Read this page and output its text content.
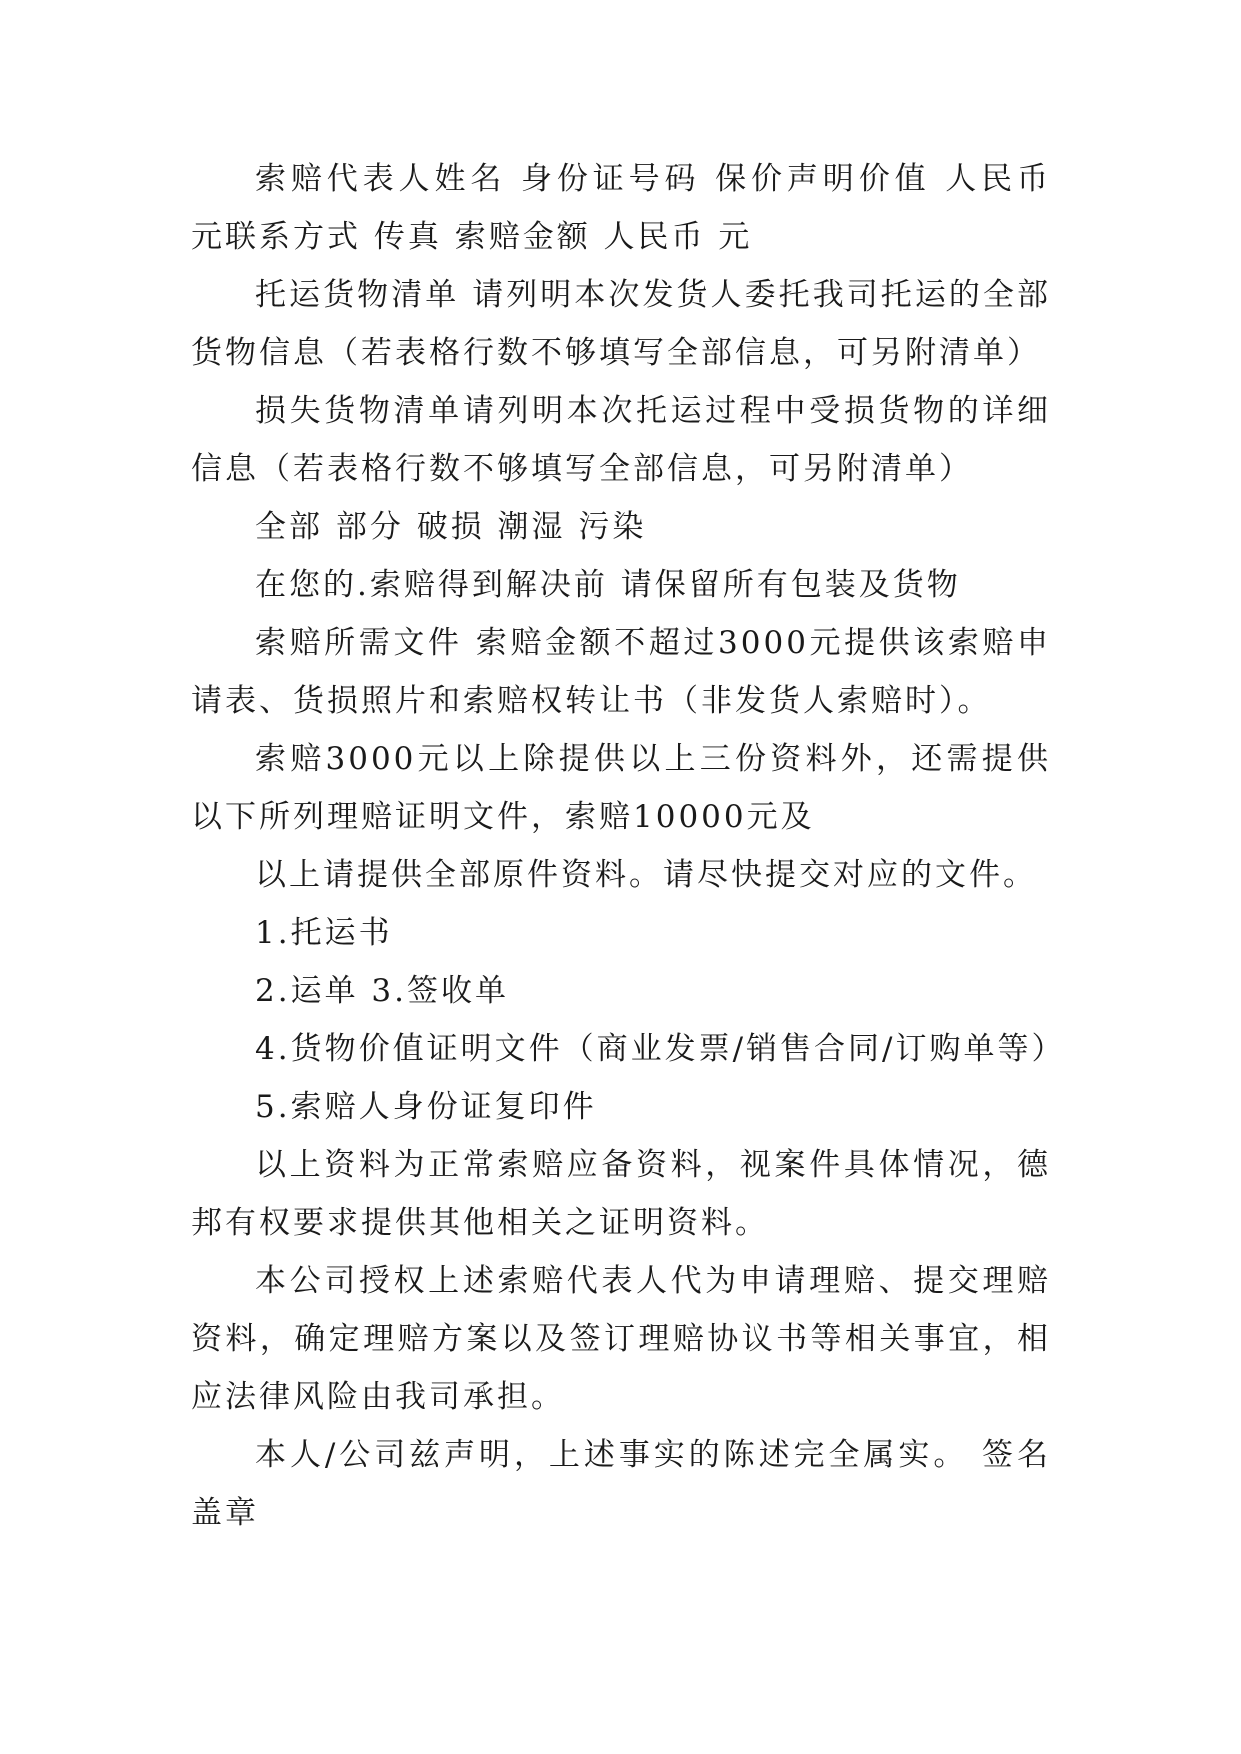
索赔代表人姓名 身份证号码 保价声明价值 人民币 元联系方式 传真 索赔金额 人民币 元

托运货物清单 请列明本次发货人委托我司托运的全部货物信息（若表格行数不够填写全部信息，可另附清单）

损失货物清单请列明本次托运过程中受损货物的详细信息（若表格行数不够填写全部信息，可另附清单）

全部 部分 破损 潮湿 污染

在您的.索赔得到解决前 请保留所有包装及货物

索赔所需文件 索赔金额不超过3000元提供该索赔申请表、货损照片和索赔权转让书（非发货人索赔时）。

索赔3000元以上除提供以上三份资料外，还需提供以下所列理赔证明文件，索赔10000元及

以上请提供全部原件资料。请尽快提交对应的文件。

1.托运书

2.运单 3.签收单

4.货物价值证明文件（商业发票/销售合同/订购单等）

5.索赔人身份证复印件

以上资料为正常索赔应备资料，视案件具体情况，德邦有权要求提供其他相关之证明资料。

本公司授权上述索赔代表人代为申请理赔、提交理赔资料，确定理赔方案以及签订理赔协议书等相关事宜，相应法律风险由我司承担。

本人/公司兹声明，上述事实的陈述完全属实。 签名盖章
